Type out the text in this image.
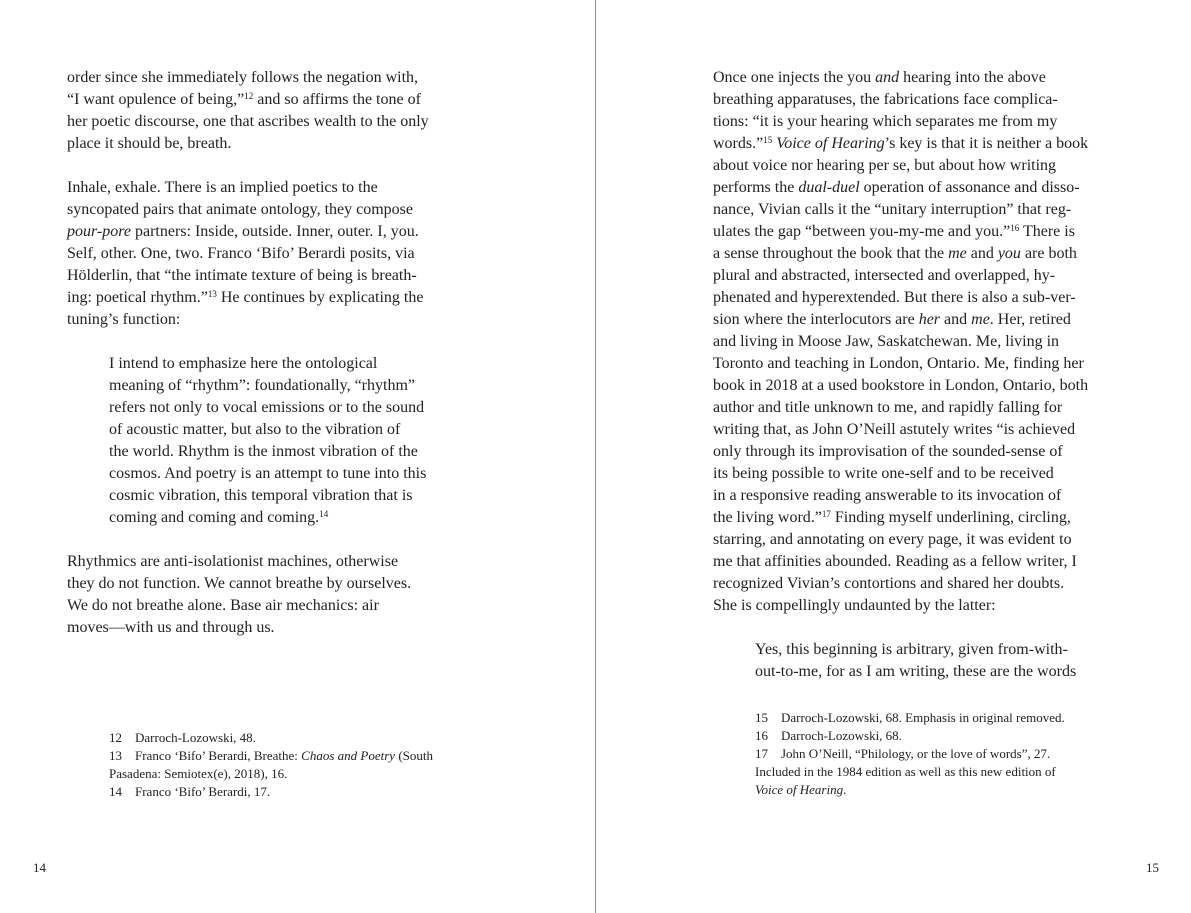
order since she immediately follows the negation with,
“I want opulence of being,”$^{12}$ and so affirms the tone of
her poetic discourse, one that ascribes wealth to the only
place it should be, breath.
Inhale, exhale. There is an implied poetics to the
syncopated pairs that animate ontology, they compose
pour-pore partners: Inside, outside. Inner, outer. I, you.
Self, other. One, two. Franco ‘Bifo’ Berardi posits, via
Hölderlin, that “the intimate texture of being is breath-
ing: poetical rhythm.”$^{13}$ He continues by explicating the
tuning’s function:
I intend to emphasize here the ontological
meaning of “rhythm”: foundationally, “rhythm”
refers not only to vocal emissions or to the sound
of acoustic matter, but also to the vibration of
the world. Rhythm is the inmost vibration of the
cosmos. And poetry is an attempt to tune into this
cosmic vibration, this temporal vibration that is
coming and coming and coming.$^{14}$
Rhythmics are anti-isolationist machines, otherwise
they do not function. We cannot breathe by ourselves.
We do not breathe alone. Base air mechanics: air
moves—with us and through us.
12 Darroch-Lozowski, 48.
13 Franco ‘Bifo’ Berardi, Breathe: Chaos and Poetry (South
Pasadena: Semiotex(e), 2018), 16.
14 Franco ‘Bifo’ Berardi, 17.
14
Once one injects the you and hearing into the above
breathing apparatuses, the fabrications face complica-
tions: “it is your hearing which separates me from my
words.”$^{15}$ Voice of Hearing’s key is that it is neither a book
about voice nor hearing per se, but about how writing
performs the dual-duel operation of assonance and disso-
nance, Vivian calls it the “unitary interruption” that reg-
ulates the gap “between you-my-me and you.”$^{16}$ There is
a sense throughout the book that the me and you are both
plural and abstracted, intersected and overlapped, hy-
phenated and hyperextended. But there is also a sub-ver-
sion where the interlocutors are her and me. Her, retired
and living in Moose Jaw, Saskatchewan. Me, living in
Toronto and teaching in London, Ontario. Me, finding her
book in 2018 at a used bookstore in London, Ontario, both
author and title unknown to me, and rapidly falling for
writing that, as John O’Neill astutely writes “is achieved
only through its improvisation of the sounded-sense of
its being possible to write one-self and to be received
in a responsive reading answerable to its invocation of
the living word.”$^{17}$ Finding myself underlining, circling,
starring, and annotating on every page, it was evident to
me that affinities abounded. Reading as a fellow writer, I
recognized Vivian’s contortions and shared her doubts.
She is compellingly undaunted by the latter:
Yes, this beginning is arbitrary, given from-with-
out-to-me, for as I am writing, these are the words
15 Darroch-Lozowski, 68. Emphasis in original removed.
16 Darroch-Lozowski, 68.
17 John O’Neill, “Philology, or the love of words”, 27.
Included in the 1984 edition as well as this new edition of
Voice of Hearing.
15
